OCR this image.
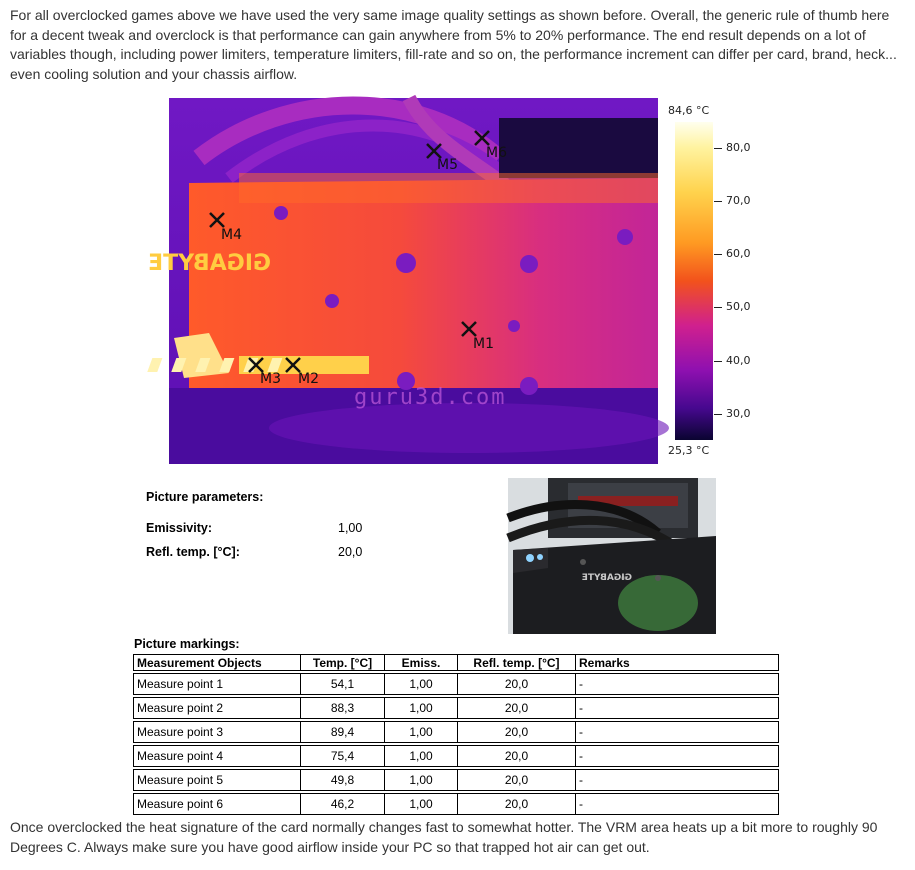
For all overclocked games above we have used the very same image quality settings as shown before. Overall, the generic rule of thumb here for a decent tweak and overclock is that performance can gain anywhere from 5% to 20% performance. The end result depends on a lot of variables though, including power limiters, temperature limiters, fill-rate and so on, the performance increment can differ per card, brand, heck... even cooling solution and your chassis airflow.

GIGABYTE
guru3d.com
M1
M2
M3
M4
M5
M6
84,6 °C
80,0
70,0
60,0
50,0
40,0
30,0
25,3 °C
Picture parameters:
Emissivity:	1,00
Refl. temp. [°C]:	20,0
GIGABYTE
Picture markings:
Measurement Objects	Temp. [°C]	Emiss.	Refl. temp. [°C]	Remarks

Measure point 1	54,1	1,00	20,0	-

Measure point 2	88,3	1,00	20,0	-

Measure point 3	89,4	1,00	20,0	-

Measure point 4	75,4	1,00	20,0	-

Measure point 5	49,8	1,00	20,0	-

Measure point 6	46,2	1,00	20,0	-

Once overclocked the heat signature of the card normally changes fast to somewhat hotter. The VRM area heats up a bit more to roughly 90 Degrees C. Always make sure you have good airflow inside your PC so that trapped hot air can get out.
